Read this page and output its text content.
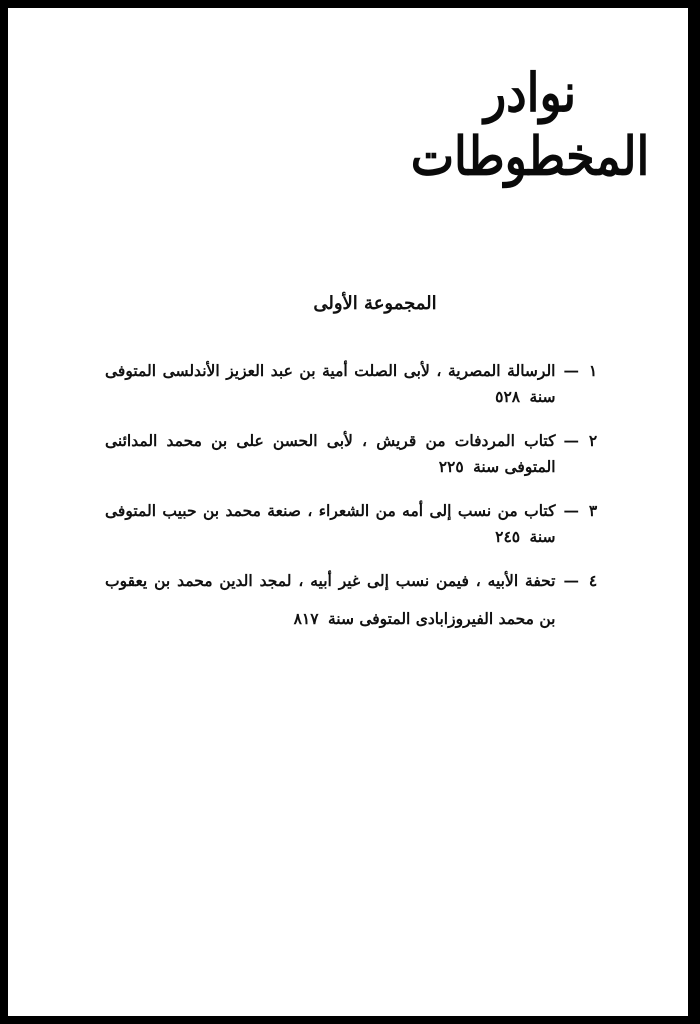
نوادر المخطوطات
المجموعة الأولى
١
—
الرسالة المصرية ، لأبى الصلت أمية بن عبد العزيز الأندلسى المتوفى سنة ٥٢٨
٢
—
كتاب المردفات من قريش ، لأبى الحسن على بن محمد المدائنى المتوفى سنة ٢٢٥
٣
—
كتاب من نسب إلى أمه من الشعراء ، صنعة محمد بن حبيب المتوفى سنة ٢٤٥
٤
—
تحفة الأبيه ، فيمن نسب إلى غير أبيه ، لمجد الدين محمد بن يعقوب بن محمد الفيروزابادى المتوفى سنة ٨١٧
